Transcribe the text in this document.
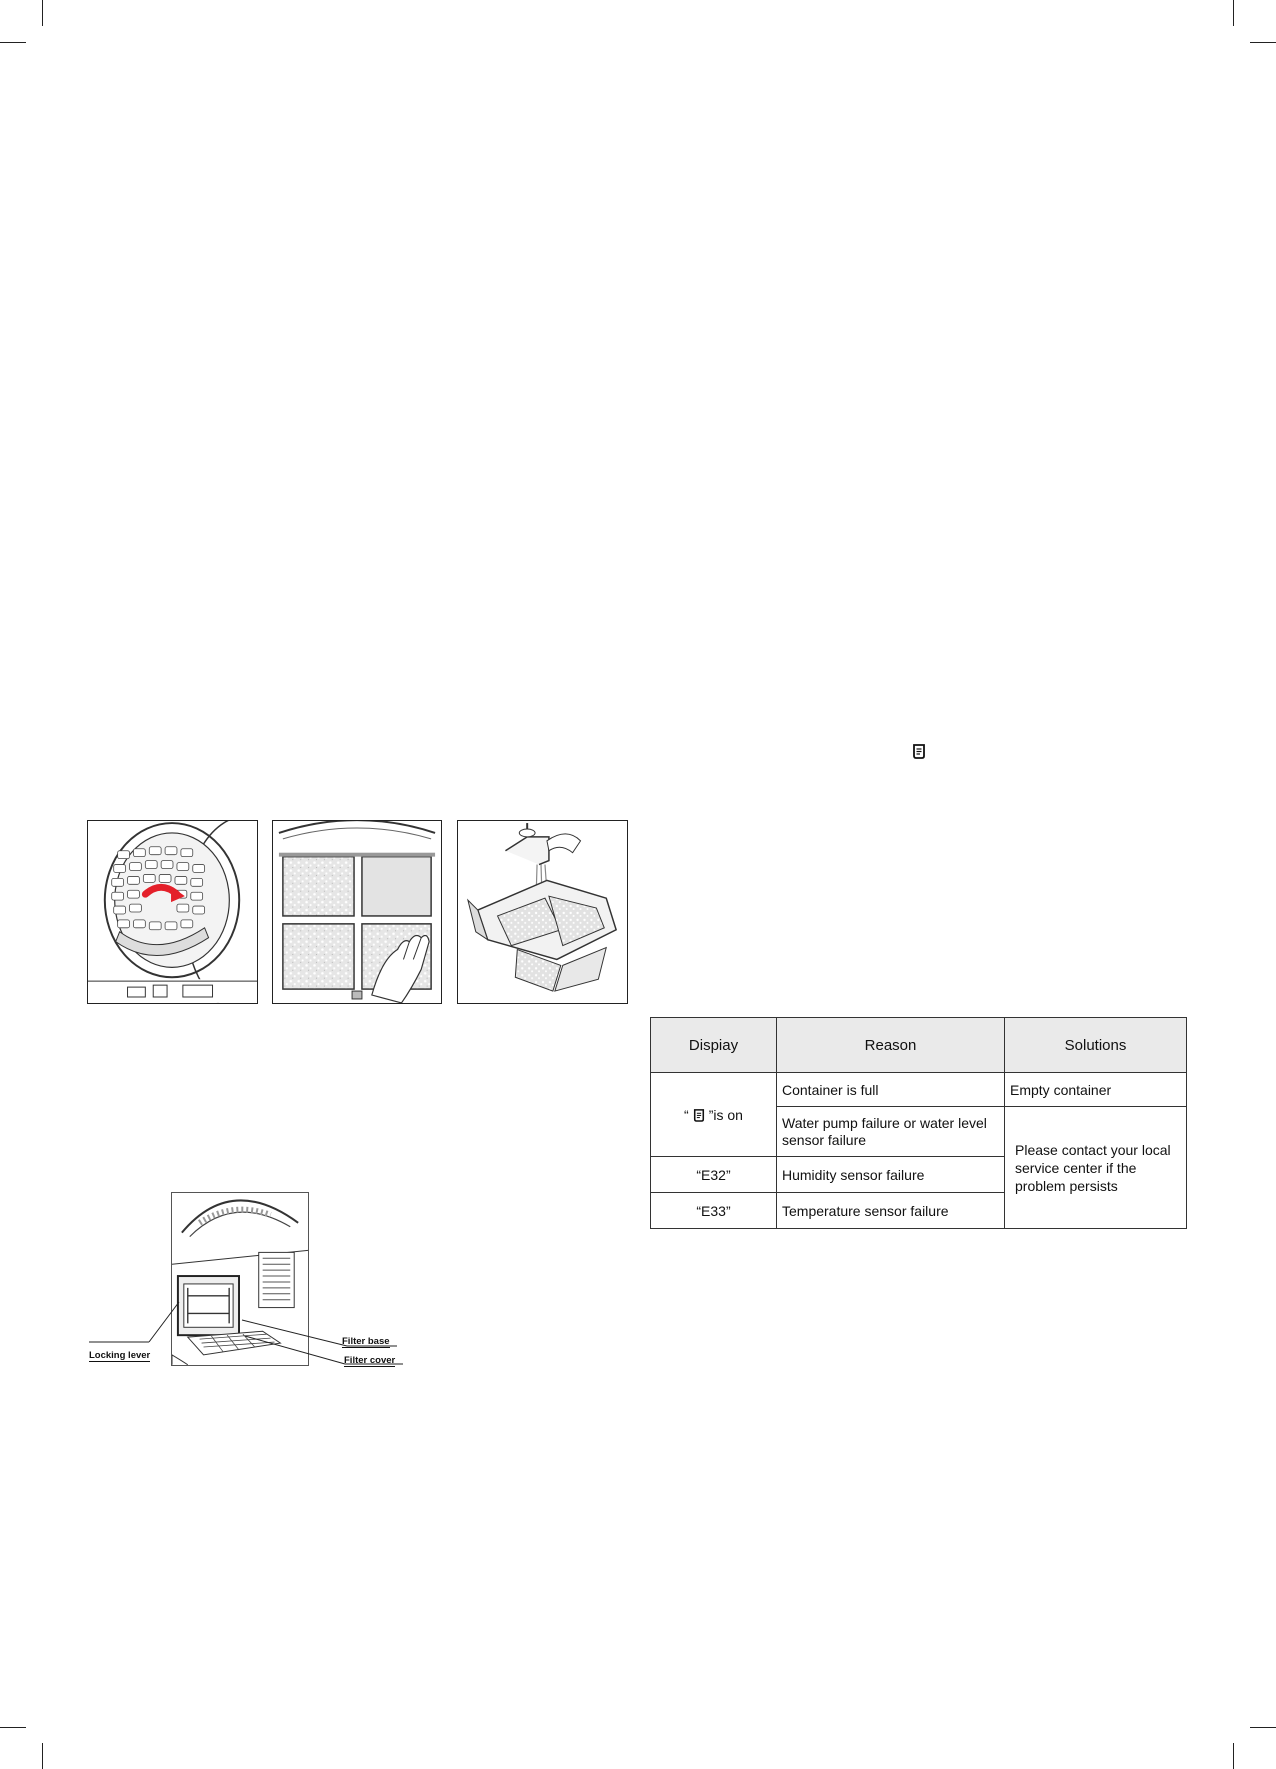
Locking lever
Filter base
Filter cover
Dispiay	Reason	Solutions
“ ”is on	Container is full	Empty container
	Water pump failure or water level sensor failure	Please contact your local service center if the problem persists
“E32”	Humidity sensor failure	
“E33”	Temperature sensor failure	
